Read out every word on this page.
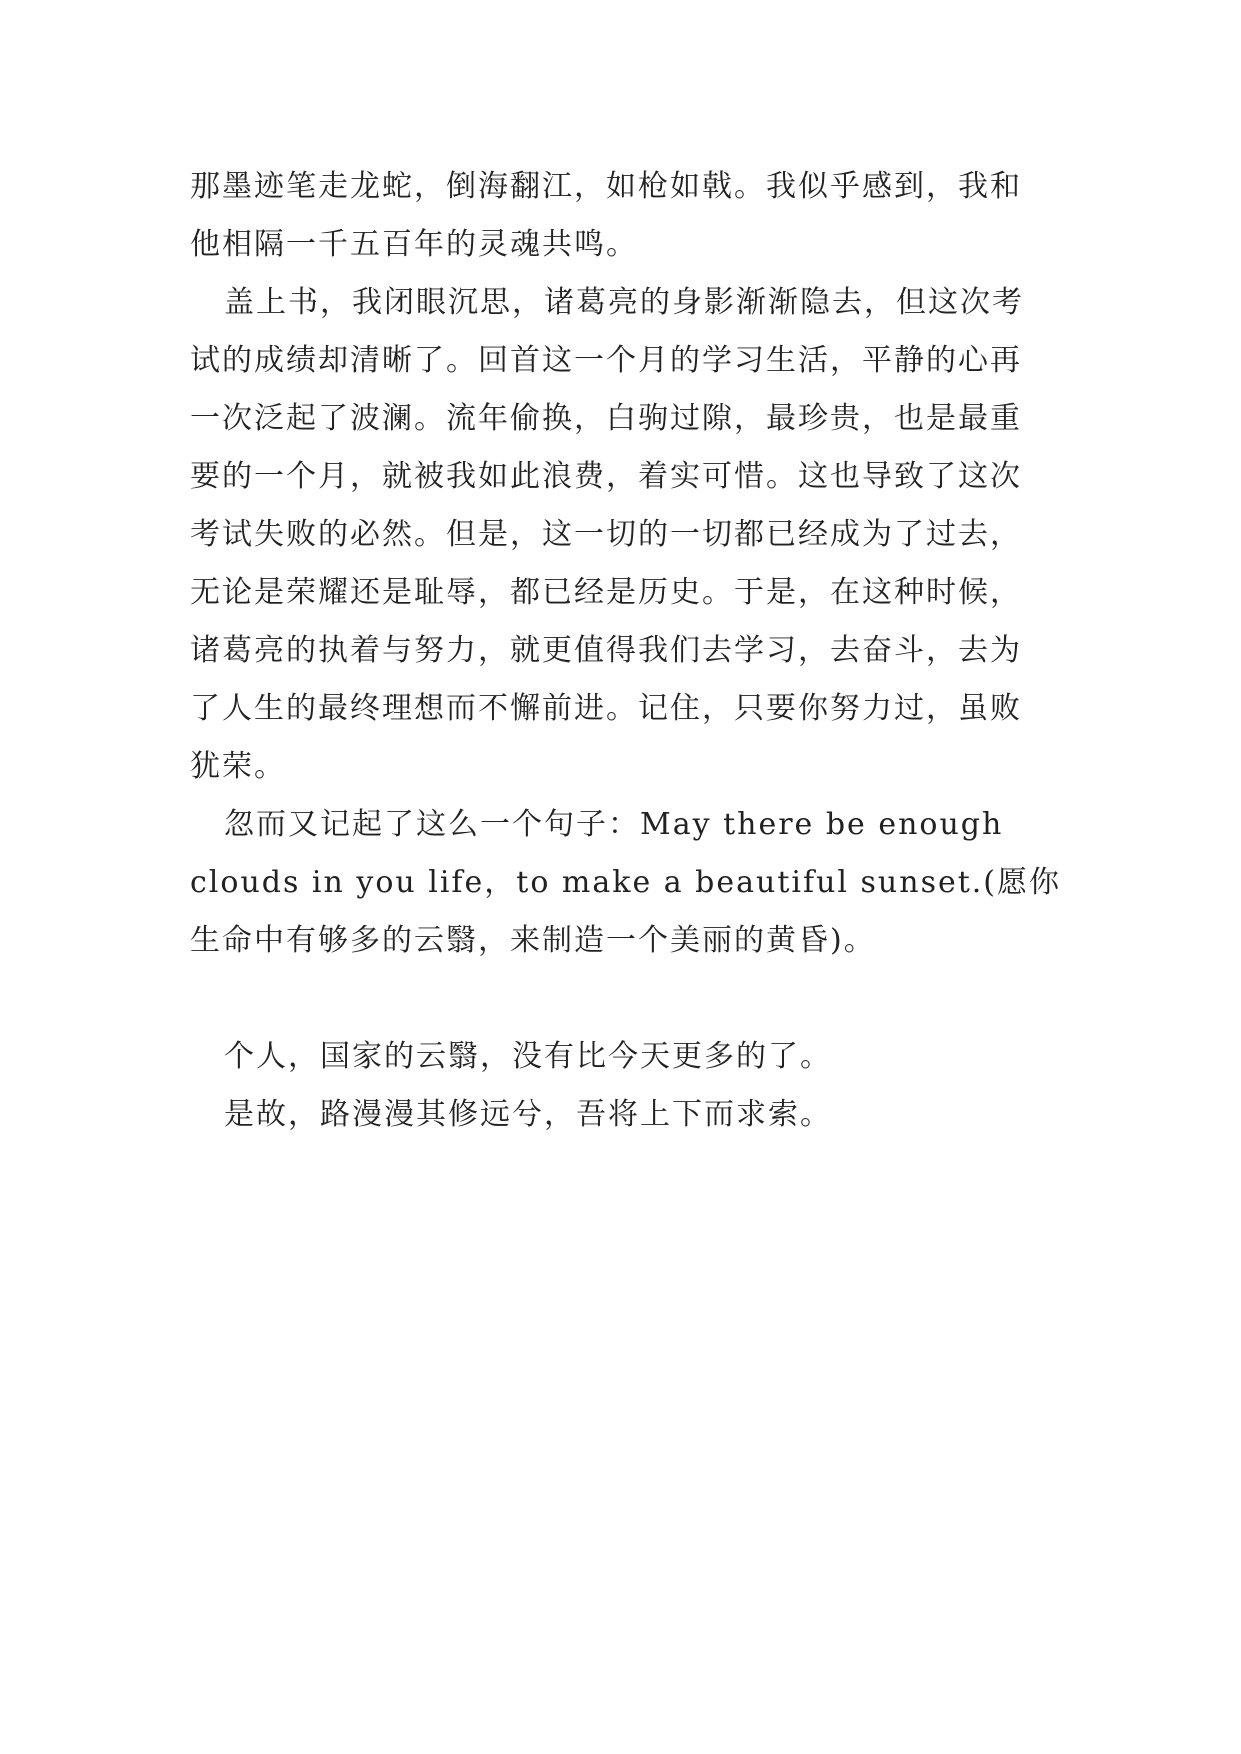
那墨迹笔走龙蛇，倒海翻江，如枪如戟。我似乎感到，我和
他相隔一千五百年的灵魂共鸣。
盖上书，我闭眼沉思，诸葛亮的身影渐渐隐去，但这次考
试的成绩却清晰了。回首这一个月的学习生活，平静的心再
一次泛起了波澜。流年偷换，白驹过隙，最珍贵，也是最重
要的一个月，就被我如此浪费，着实可惜。这也导致了这次
考试失败的必然。但是，这一切的一切都已经成为了过去，
无论是荣耀还是耻辱，都已经是历史。于是，在这种时候，
诸葛亮的执着与努力，就更值得我们去学习，去奋斗，去为
了人生的最终理想而不懈前进。记住，只要你努力过，虽败
犹荣。
忽而又记起了这么一个句子：May there be enough
clouds in you life，to make a beautiful sunset.(愿你
生命中有够多的云翳，来制造一个美丽的黄昏)。
个人，国家的云翳，没有比今天更多的了。
是故，路漫漫其修远兮，吾将上下而求索。
